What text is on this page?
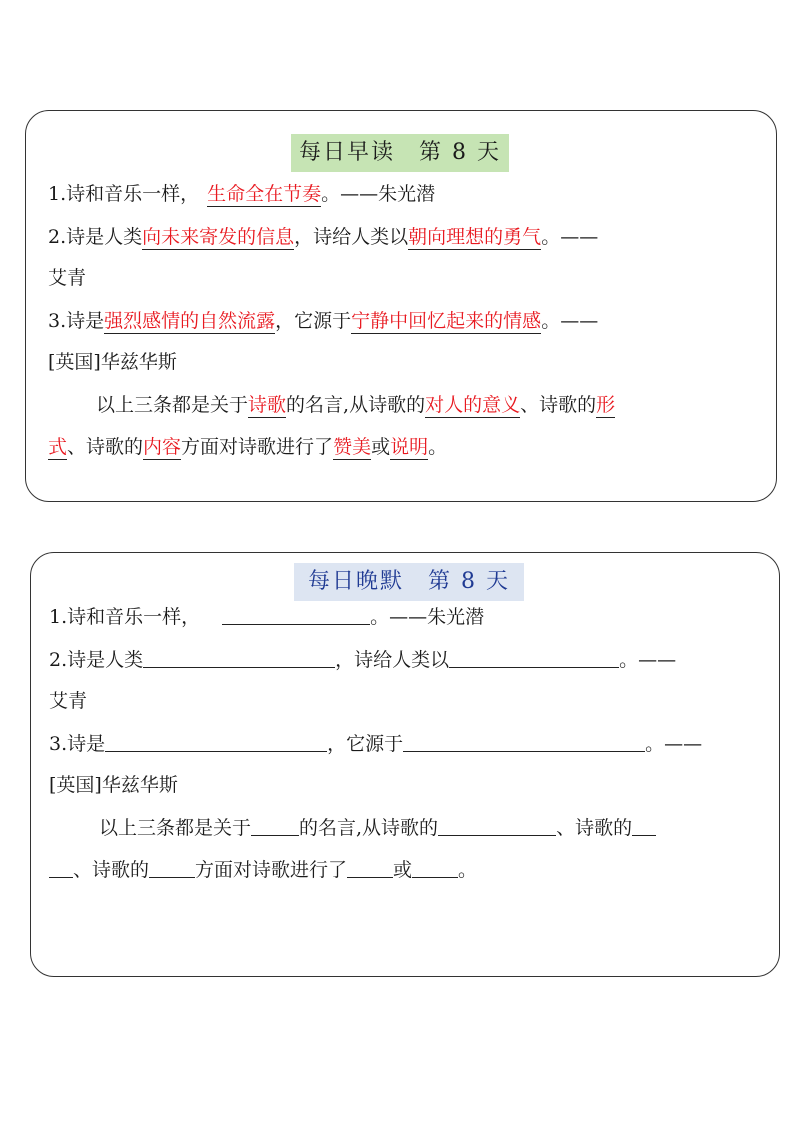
每日早读　第 8 天
1.诗和音乐一样， 生命全在节奏。——朱光潜
2.诗是人类向未来寄发的信息，诗给人类以朝向理想的勇气。——
艾青
3.诗是强烈感情的自然流露，它源于宁静中回忆起来的情感。——
[英国]华兹华斯
以上三条都是关于诗歌的名言,从诗歌的对人的意义、诗歌的形
式、诗歌的内容方面对诗歌进行了赞美或说明。
每日晚默　第 8 天
1.诗和音乐一样，	。——朱光潜
2.诗是人类	，诗给人类以	。——
艾青
3.诗是	，它源于	。——
[英国]华兹华斯
以上三条都是关于	的名言,从诗歌的	、诗歌的
、诗歌的 方面对诗歌进行了 或 。
